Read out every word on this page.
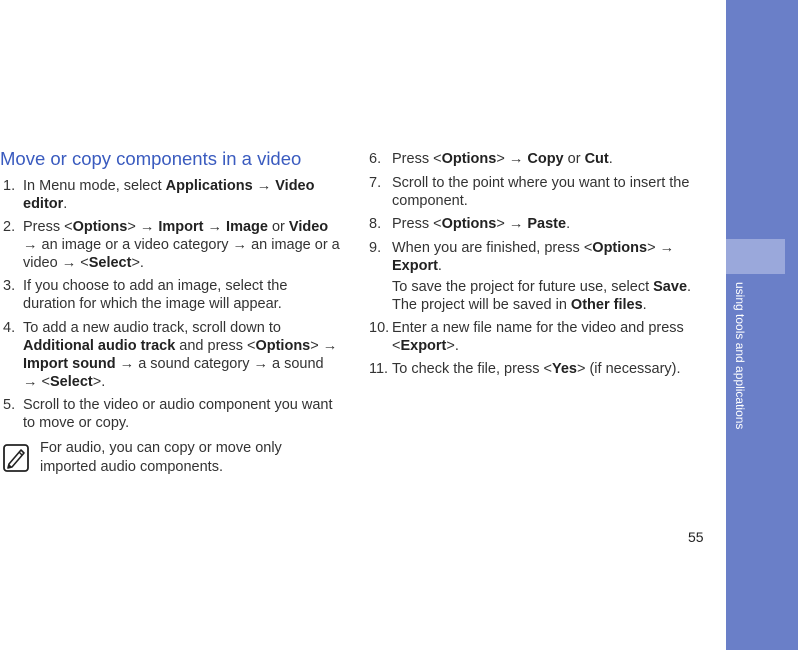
using tools and applications
55
Move or copy components in a video
1. In Menu mode, select Applications → Video editor.
2. Press <Options> → Import → Image or Video → an image or a video category → an image or a video → <Select>.
3. If you choose to add an image, select the duration for which the image will appear.
4. To add a new audio track, scroll down to Additional audio track and press <Options> → Import sound → a sound category → a sound → <Select>.
5. Scroll to the video or audio component you want to move or copy.
For audio, you can copy or move only imported audio components.
6. Press <Options> → Copy or Cut.
7. Scroll to the point where you want to insert the component.
8. Press <Options> → Paste.
9. When you are finished, press <Options> → Export.
To save the project for future use, select Save. The project will be saved in Other files.
10. Enter a new file name for the video and press <Export>.
11. To check the file, press <Yes> (if necessary).
